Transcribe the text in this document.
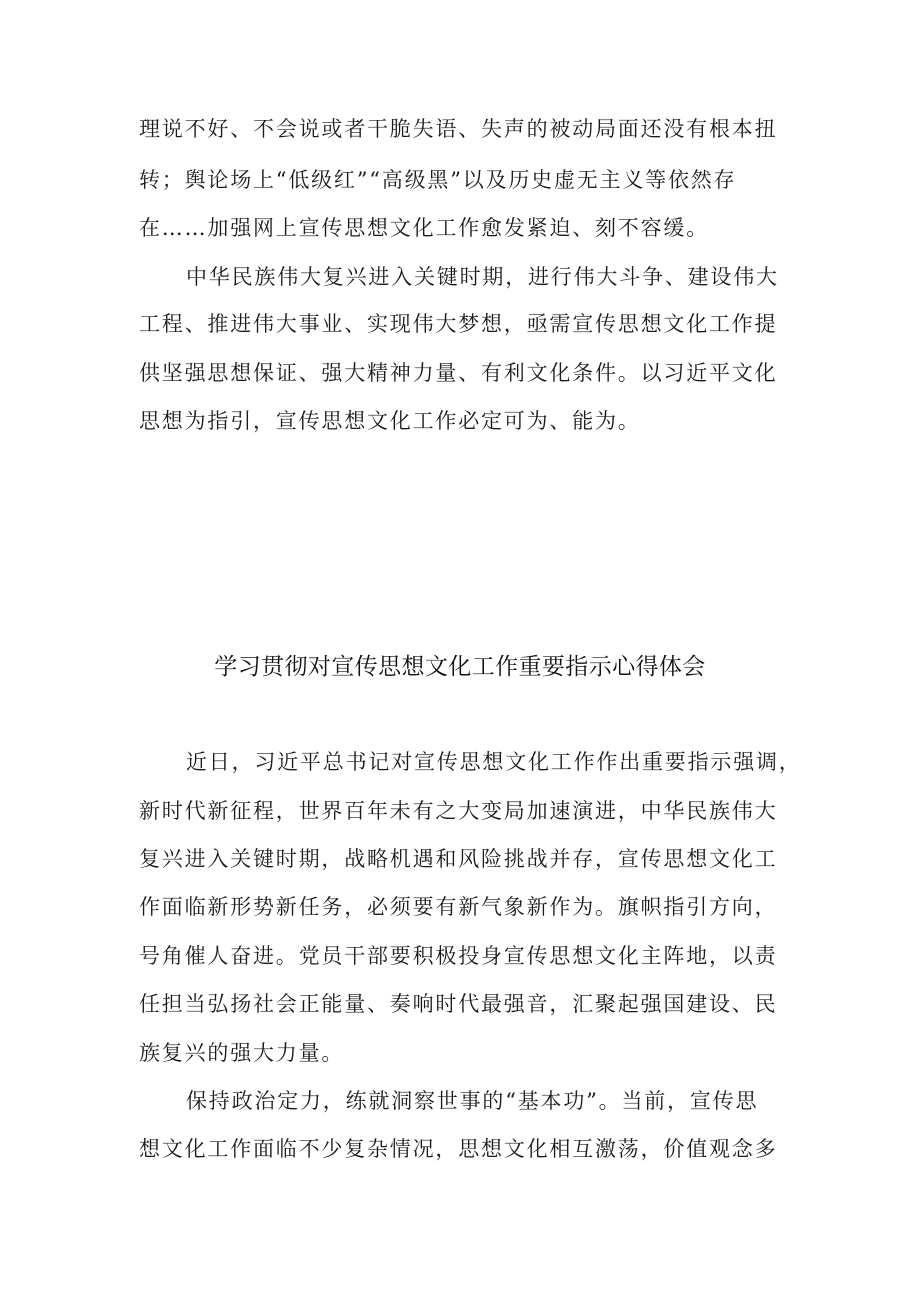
理说不好、不会说或者干脆失语、失声的被动局面还没有根本扭
转；舆论场上“低级红”“高级黑”以及历史虚无主义等依然存
在……加强网上宣传思想文化工作愈发紧迫、刻不容缓。
中华民族伟大复兴进入关键时期，进行伟大斗争、建设伟大
工程、推进伟大事业、实现伟大梦想，亟需宣传思想文化工作提
供坚强思想保证、强大精神力量、有利文化条件。以习近平文化
思想为指引，宣传思想文化工作必定可为、能为。
学习贯彻对宣传思想文化工作重要指示心得体会
近日，习近平总书记对宣传思想文化工作作出重要指示强调，
新时代新征程，世界百年未有之大变局加速演进，中华民族伟大
复兴进入关键时期，战略机遇和风险挑战并存，宣传思想文化工
作面临新形势新任务，必须要有新气象新作为。旗帜指引方向，
号角催人奋进。党员干部要积极投身宣传思想文化主阵地，以责
任担当弘扬社会正能量、奏响时代最强音，汇聚起强国建设、民
族复兴的强大力量。
保持政治定力，练就洞察世事的“基本功”。当前，宣传思
想文化工作面临不少复杂情况，思想文化相互激荡，价值观念多
